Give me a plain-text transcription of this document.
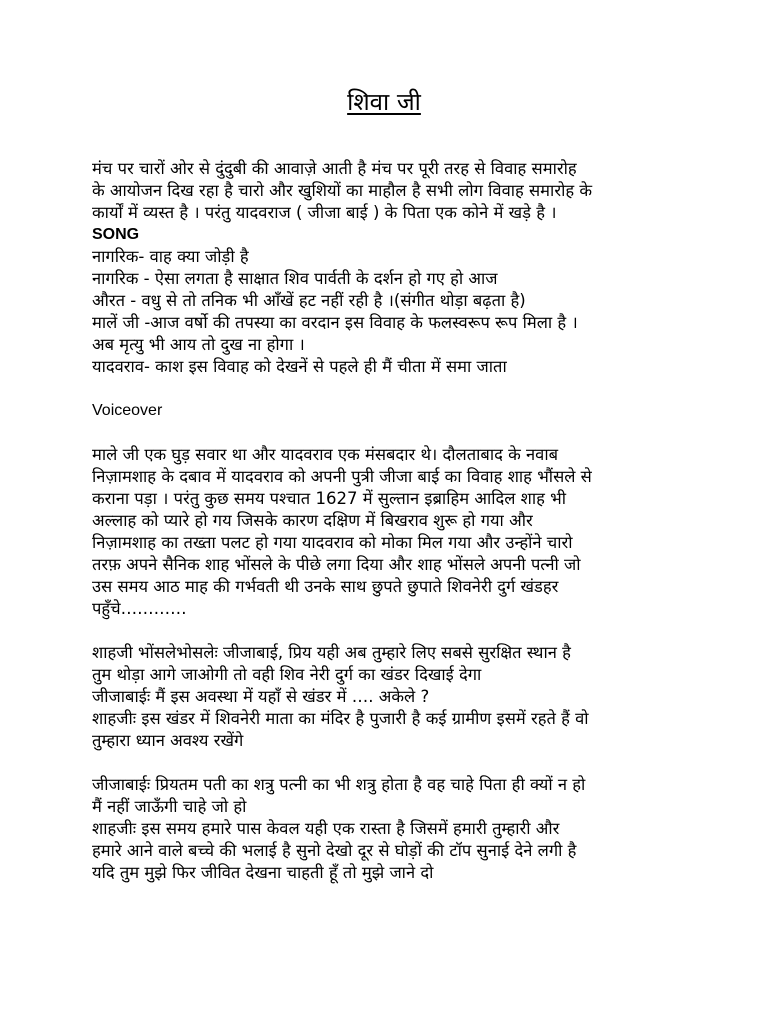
शिवा जी
मंच पर चारों ओर से दुंदुबी की आवाज़े आती है मंच पर पूरी तरह से विवाह समारोह
के आयोजन दिख रहा है चारो और खुशियों का माहौल है सभी लोग विवाह समारोह के
कार्यों में व्यस्त है । परंतु यादवराज ( जीजा बाई ) के पिता एक कोने में खड़े है ।
SONG
नागरिक- वाह क्या जोड़ी है
नागरिक - ऐसा लगता है साक्षात शिव पार्वती के दर्शन हो गए हो आज
औरत - वधु से तो तनिक भी आँखें हट नहीं रही है ।(संगीत थोड़ा बढ़ता है)
मालें जी -आज वर्षो की तपस्या का वरदान इस विवाह के फलस्वरूप रूप मिला है ।
अब मृत्यु भी आय तो दुख ना होगा ।
यादवराव- काश इस विवाह को देखनें से पहले ही मैं चीता में समा जाता
Voiceover
माले जी एक घुड़ सवार था और यादवराव एक मंसबदार थे। दौलताबाद के नवाब
निज़ामशाह के दबाव में यादवराव को अपनी पुत्री जीजा बाई का विवाह शाह भौंसले से
कराना पड़ा । परंतु कुछ समय पश्चात 1627 में सुल्तान इब्राहिम आदिल शाह भी
अल्लाह को प्यारे हो गय जिसके कारण दक्षिण में बिखराव शुरू हो गया और
निज़ामशाह का तख्ता पलट हो गया यादवराव को मोका मिल गया और उन्होंने चारो
तरफ़ अपने सैनिक शाह भोंसले के पीछे लगा दिया और शाह भोंसले अपनी पत्नी जो
उस समय आठ माह की गर्भवती थी उनके साथ छुपते छुपाते शिवनेरी दुर्ग खंडहर
पहुँचे…………
शाहजी भोंसलेभोसलेः जीजाबाई, प्रिय यही अब तुम्हारे लिए सबसे सुरक्षित स्थान है
तुम थोड़ा आगे जाओगी तो वही शिव नेरी दुर्ग का खंडर दिखाई देगा
जीजाबाईः मैं इस अवस्था में यहाँ से खंडर में …. अकेले ?
शाहजीः इस खंडर में शिवनेरी माता का मंदिर है पुजारी है कई ग्रामीण इसमें रहते हैं वो
तुम्हारा ध्यान अवश्य रखेंगे
जीजाबाईः प्रियतम पती का शत्रु पत्नी का भी शत्रु होता है वह चाहे पिता ही क्यों न हो
मैं नहीं जाऊँगी चाहे जो हो
शाहजीः इस समय हमारे पास केवल यही एक रास्ता है जिसमें हमारी तुम्हारी और
हमारे आने वाले बच्चे की भलाई है सुनो देखो दूर से घोड़ों की टॉप सुनाई देने लगी है
यदि तुम मुझे फिर जीवित देखना चाहती हूँ तो मुझे जाने दो
